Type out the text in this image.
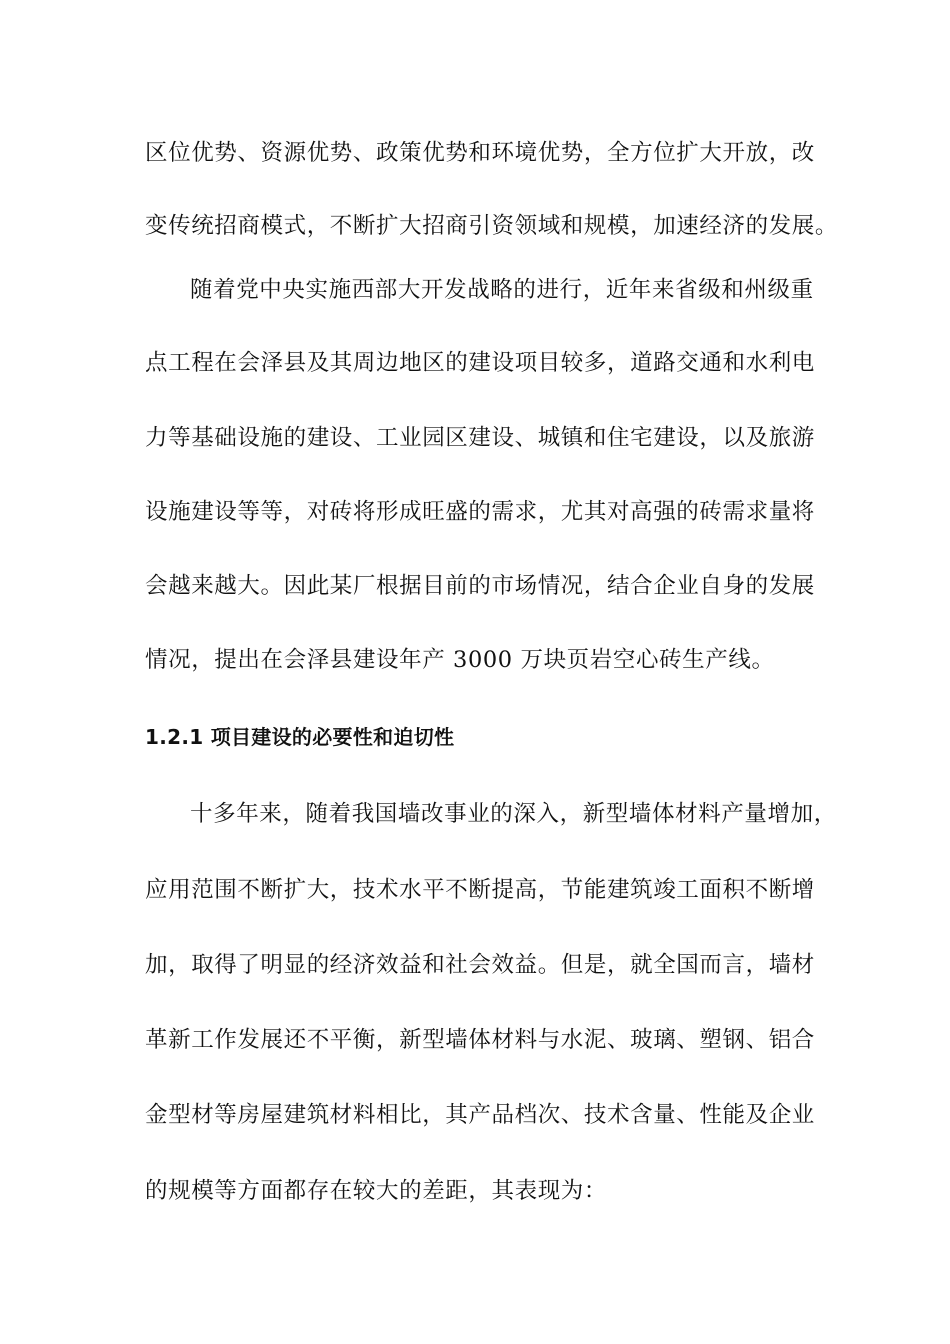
区位优势、资源优势、政策优势和环境优势，全方位扩大开放，改
变传统招商模式，不断扩大招商引资领域和规模，加速经济的发展。
随着党中央实施西部大开发战略的进行，近年来省级和州级重
点工程在会泽县及其周边地区的建设项目较多，道路交通和水利电
力等基础设施的建设、工业园区建设、城镇和住宅建设，以及旅游
设施建设等等，对砖将形成旺盛的需求，尤其对高强的砖需求量将
会越来越大。因此某厂根据目前的市场情况，结合企业自身的发展
情况，提出在会泽县建设年产 3000 万块页岩空心砖生产线。
1.2.1 项目建设的必要性和迫切性
十多年来，随着我国墙改事业的深入，新型墙体材料产量增加，
应用范围不断扩大，技术水平不断提高，节能建筑竣工面积不断增
加，取得了明显的经济效益和社会效益。但是，就全国而言，墙材
革新工作发展还不平衡，新型墙体材料与水泥、玻璃、塑钢、铝合
金型材等房屋建筑材料相比，其产品档次、技术含量、性能及企业
的规模等方面都存在较大的差距，其表现为：
